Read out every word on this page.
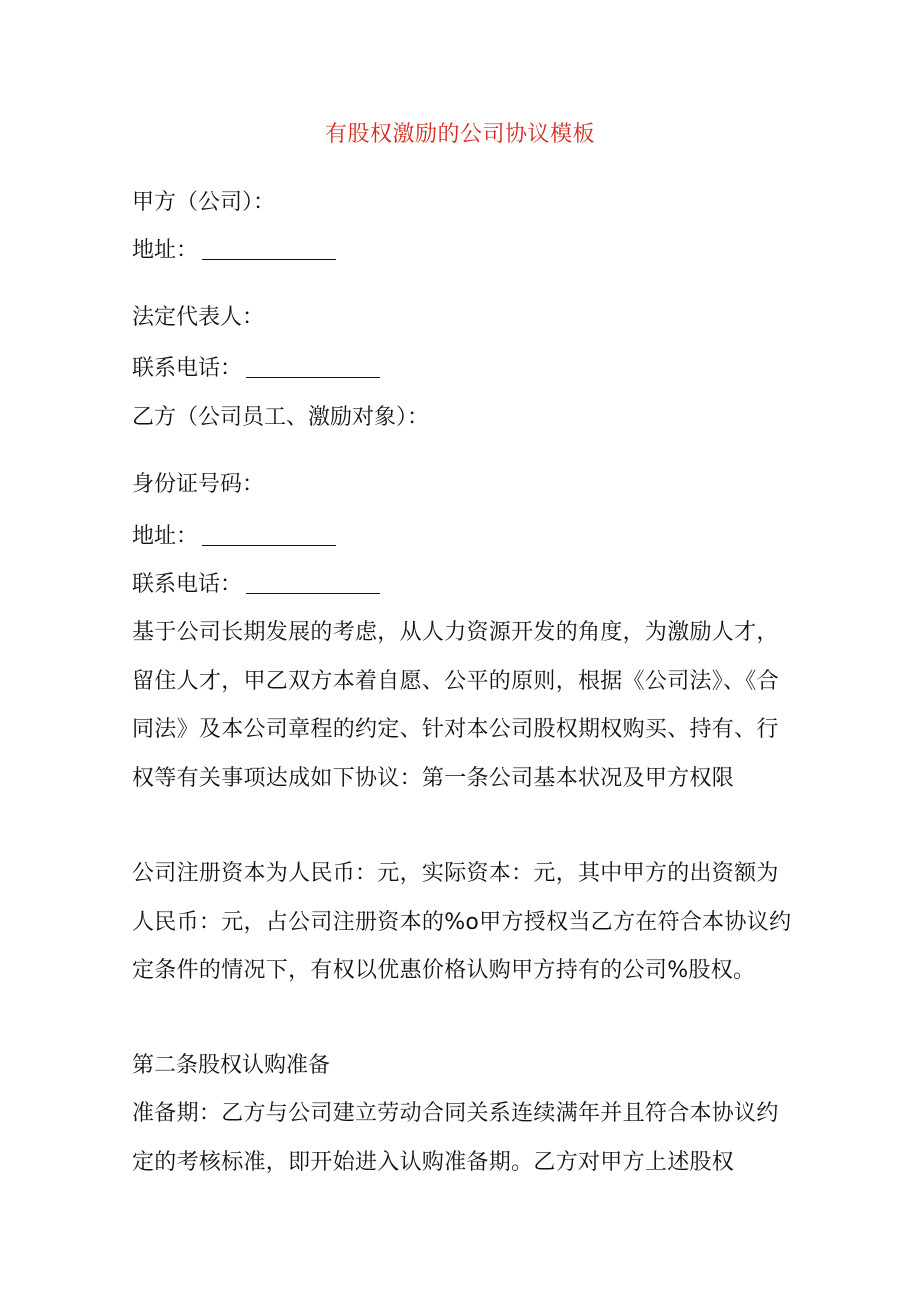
有股权激励的公司协议模板
甲方（公司）：
地址：
法定代表人：
联系电话：
乙方（公司员工、激励对象）：
身份证号码：
地址：
联系电话：
基于公司长期发展的考虑，从人力资源开发的角度，为激励人才，留住人才，甲乙双方本着自愿、公平的原则，根据《公司法》、《合同法》及本公司章程的约定、针对本公司股权期权购买、持有、行权等有关事项达成如下协议：第一条公司基本状况及甲方权限
公司注册资本为人民币：元，实际资本：元，其中甲方的出资额为人民币：元，占公司注册资本的%o甲方授权当乙方在符合本协议约定条件的情况下，有权以优惠价格认购甲方持有的公司%股权。
第二条股权认购准备
准备期：乙方与公司建立劳动合同关系连续满年并且符合本协议约定的考核标准，即开始进入认购准备期。乙方对甲方上述股权
